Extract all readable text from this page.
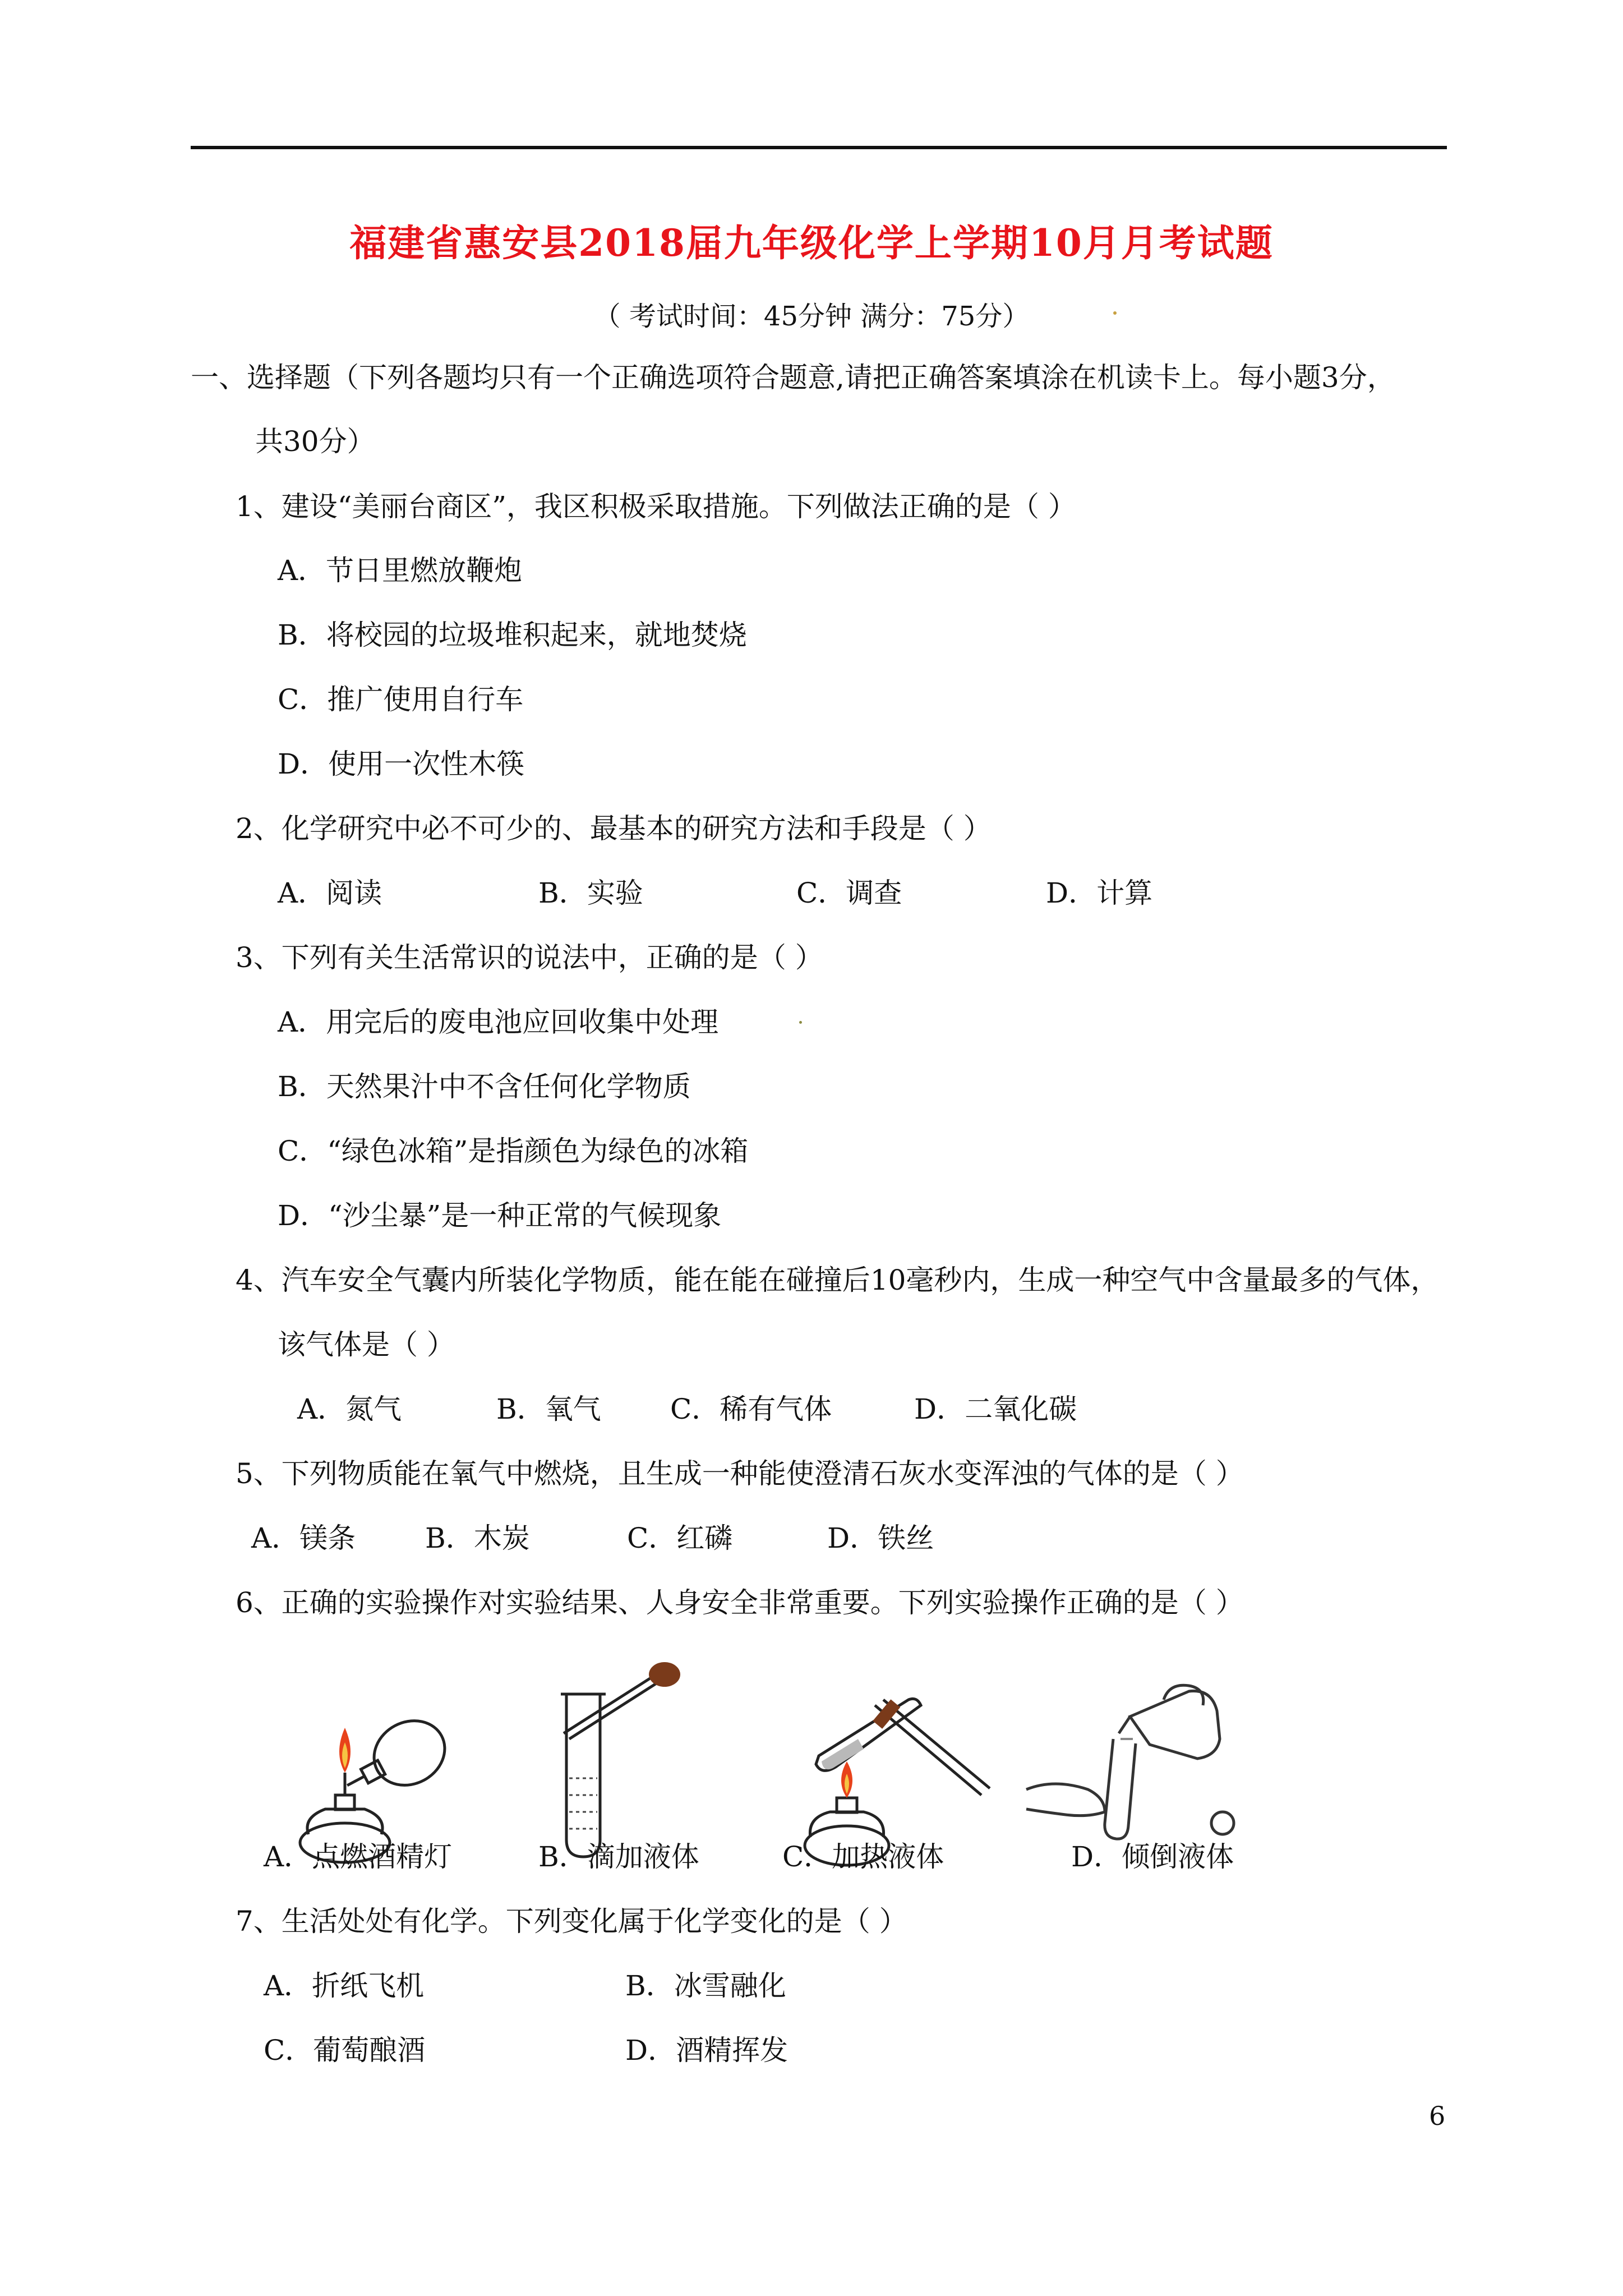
福建省惠安县2018届九年级化学上学期10月月考试题
（ 考试时间：45分钟 满分：75分）
一、选择题（下列各题均只有一个正确选项符合题意,请把正确答案填涂在机读卡上。每小题3分，
共30分）
1、建设“美丽台商区”，我区积极采取措施。下列做法正确的是（ ）
A．节日里燃放鞭炮
B．将校园的垃圾堆积起来，就地焚烧
C．推广使用自行车
D．使用一次性木筷
2、化学研究中必不可少的、最基本的研究方法和手段是（ ）
A．阅读	B．实验	C．调查	D．计算
3、下列有关生活常识的说法中，正确的是（ ）
A．用完后的废电池应回收集中处理
B．天然果汁中不含任何化学物质
C．“绿色冰箱”是指颜色为绿色的冰箱
D．“沙尘暴”是一种正常的气候现象
4、汽车安全气囊内所装化学物质，能在能在碰撞后10毫秒内，生成一种空气中含量最多的气体，
该气体是（ ）
A．氮气	B．氧气 C．稀有气体	D．二氧化碳
5、下列物质能在氧气中燃烧，且生成一种能使澄清石灰水变浑浊的气体的是（ ）
A．镁条 B．木炭	C．红磷	D．铁丝
6、正确的实验操作对实验结果、人身安全非常重要。下列实验操作正确的是（ ）
A．点燃酒精灯	B．滴加液体	C．加热液体	D．倾倒液体
7、生活处处有化学。下列变化属于化学变化的是（ ）
A．折纸飞机	B．冰雪融化
C．葡萄酿酒	D．酒精挥发
6
